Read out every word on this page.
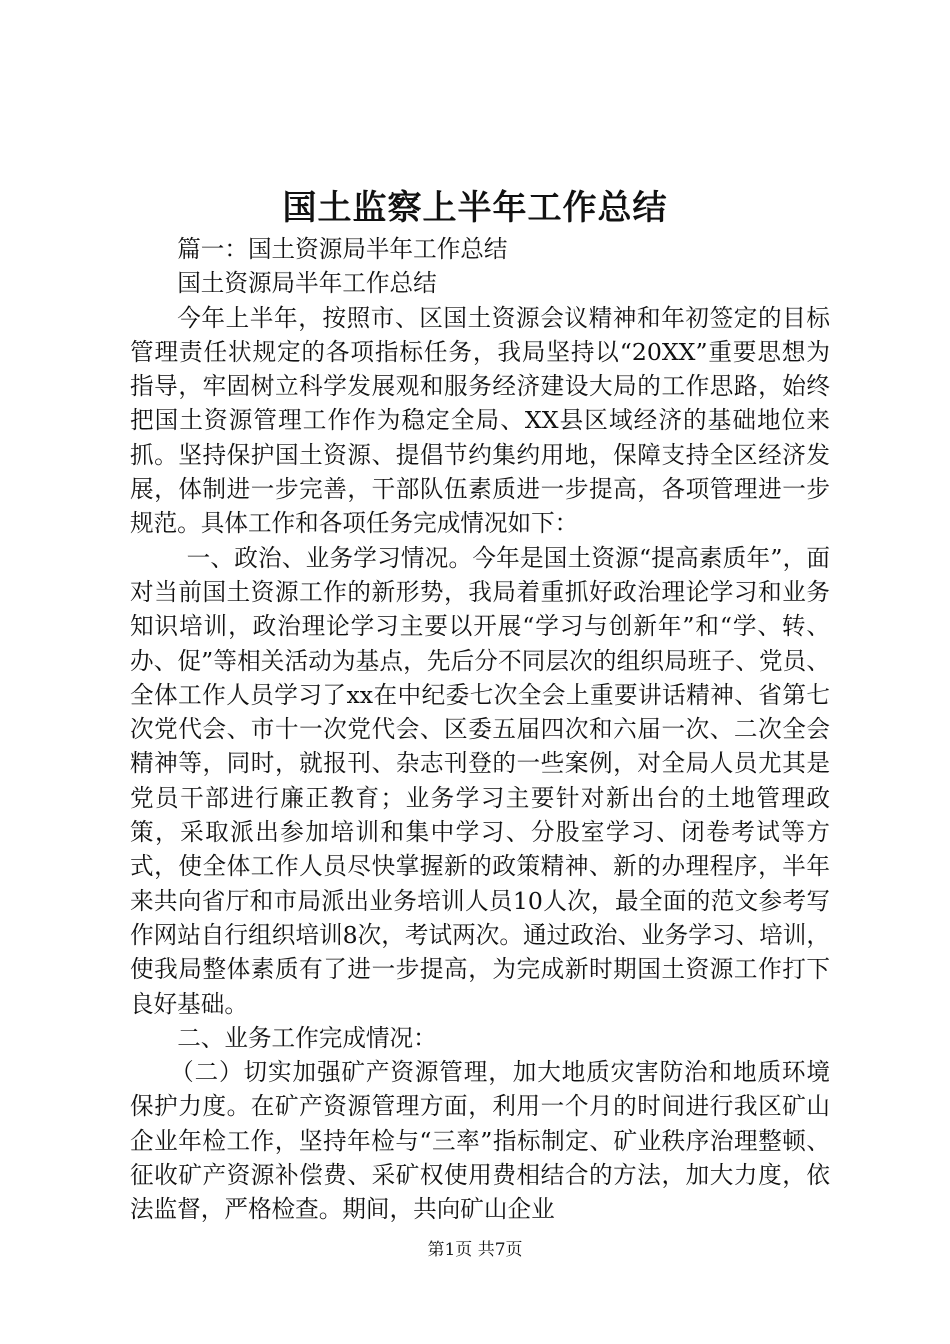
国土监察上半年工作总结

篇一：国土资源局半年工作总结

国土资源局半年工作总结

今年上半年，按照市、区国土资源会议精神和年初签定的目标管理责任状规定的各项指标任务，我局坚持以“20XX”重要思想为指导，牢固树立科学发展观和服务经济建设大局的工作思路，始终把国土资源管理工作作为稳定全局、XX县区域经济的基础地位来抓。坚持保护国土资源、提倡节约集约用地，保障支持全区经济发展，体制进一步完善，干部队伍素质进一步提高，各项管理进一步规范。具体工作和各项任务完成情况如下：

一、政治、业务学习情况。今年是国土资源“提高素质年”，面对当前国土资源工作的新形势，我局着重抓好政治理论学习和业务知识培训，政治理论学习主要以开展“学习与创新年”和“学、转、办、促”等相关活动为基点，先后分不同层次的组织局班子、党员、全体工作人员学习了xx在中纪委七次全会上重要讲话精神、省第七次党代会、市十一次党代会、区委五届四次和六届一次、二次全会精神等，同时，就报刊、杂志刊登的一些案例，对全局人员尤其是党员干部进行廉正教育；业务学习主要针对新出台的土地管理政策，采取派出参加培训和集中学习、分股室学习、闭卷考试等方式，使全体工作人员尽快掌握新的政策精神、新的办理程序，半年来共向省厅和市局派出业务培训人员10人次，最全面的范文参考写作网站自行组织培训8次，考试两次。通过政治、业务学习、培训，使我局整体素质有了进一步提高，为完成新时期国土资源工作打下良好基础。

二、业务工作完成情况：

（二）切实加强矿产资源管理，加大地质灾害防治和地质环境保护力度。在矿产资源管理方面，利用一个月的时间进行我区矿山企业年检工作，坚持年检与“三率”指标制定、矿业秩序治理整顿、征收矿产资源补偿费、采矿权使用费相结合的方法，加大力度，依法监督，严格检查。期间，共向矿山企业

第1页 共7页
